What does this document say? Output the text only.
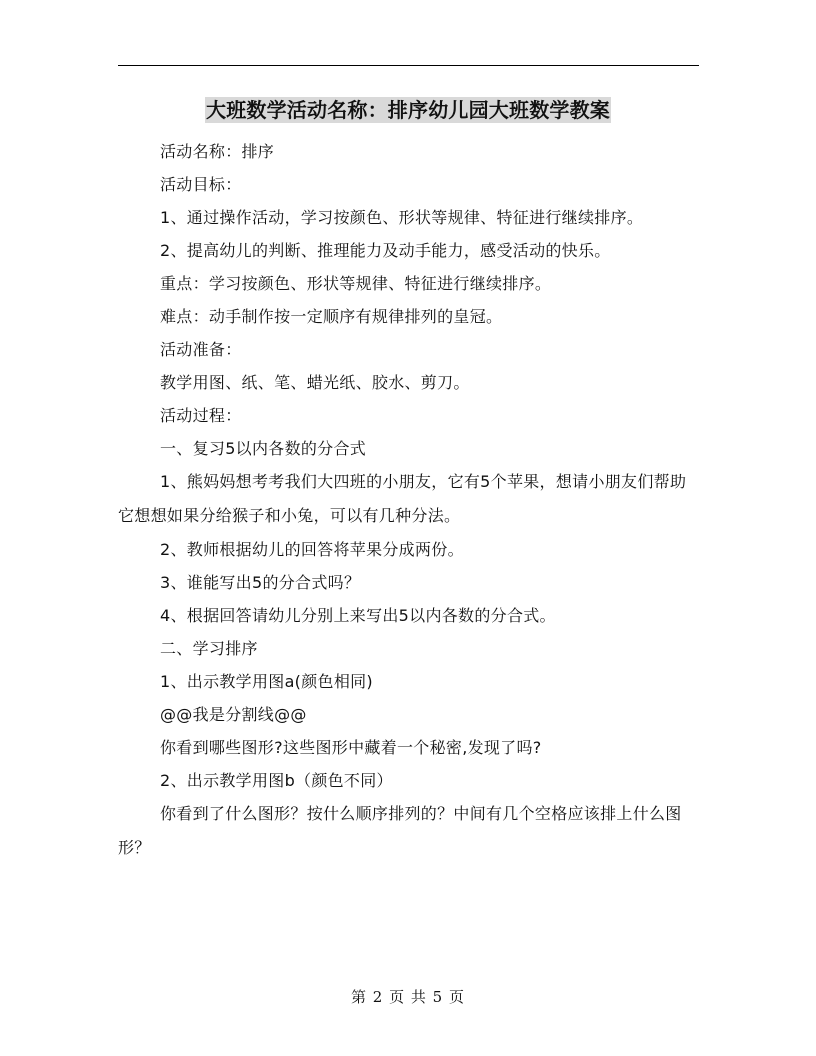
大班数学活动名称：排序幼儿园大班数学教案

活动名称：排序

活动目标：

1、通过操作活动，学习按颜色、形状等规律、特征进行继续排序。

2、提高幼儿的判断、推理能力及动手能力，感受活动的快乐。

重点：学习按颜色、形状等规律、特征进行继续排序。

难点：动手制作按一定顺序有规律排列的皇冠。

活动准备：

教学用图、纸、笔、蜡光纸、胶水、剪刀。

活动过程：

一、复习5以内各数的分合式

1、熊妈妈想考考我们大四班的小朋友，它有5个苹果，想请小朋友们帮助它想想如果分给猴子和小兔，可以有几种分法。

2、教师根据幼儿的回答将苹果分成两份。

3、谁能写出5的分合式吗？

4、根据回答请幼儿分别上来写出5以内各数的分合式。

二、学习排序

1、出示教学用图a(颜色相同)

@@我是分割线@@

你看到哪些图形?这些图形中藏着一个秘密,发现了吗?

2、出示教学用图b（颜色不同）

你看到了什么图形？按什么顺序排列的？中间有几个空格应该排上什么图形？

第 2 页 共 5 页
